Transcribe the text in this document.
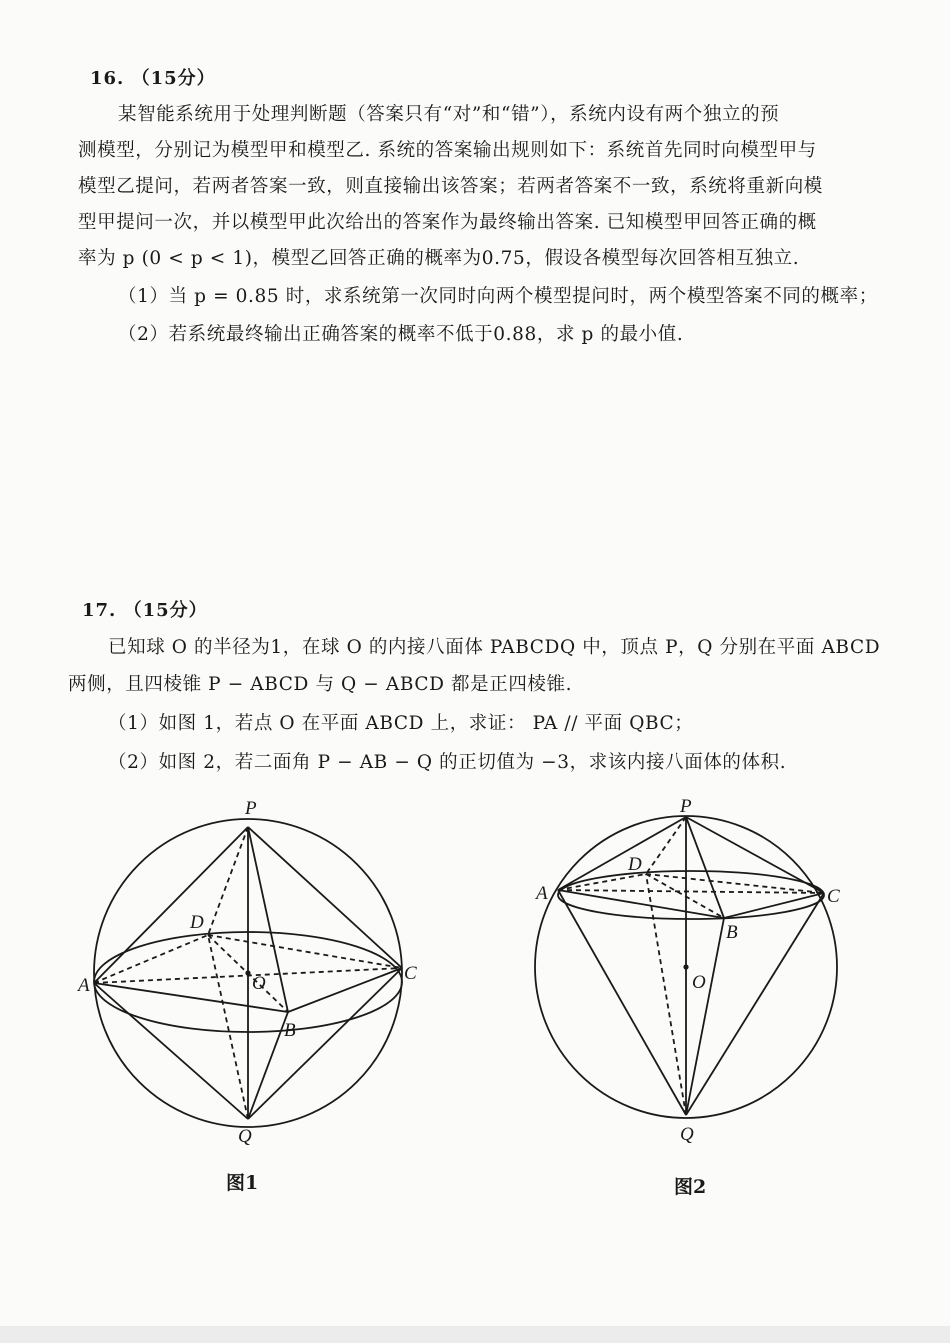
16. （15分）
某智能系统用于处理判断题（答案只有“对”和“错”），系统内设有两个独立的预
测模型，分别记为模型甲和模型乙. 系统的答案输出规则如下：系统首先同时向模型甲与
模型乙提问，若两者答案一致，则直接输出该答案；若两者答案不一致，系统将重新向模
型甲提问一次，并以模型甲此次给出的答案作为最终输出答案. 已知模型甲回答正确的概
率为 p (0 < p < 1)，模型乙回答正确的概率为0.75，假设各模型每次回答相互独立.
（1）当 p = 0.85 时，求系统第一次同时向两个模型提问时，两个模型答案不同的概率；
（2）若系统最终输出正确答案的概率不低于0.88，求 p 的最小值.
17. （15分）
已知球 O 的半径为1，在球 O 的内接八面体 PABCDQ 中，顶点 P，Q 分别在平面 ABCD
两侧，且四棱锥 P − ABCD 与 Q − ABCD 都是正四棱锥.
（1）如图 1，若点 O 在平面 ABCD 上，求证： PA // 平面 QBC；
（2）如图 2，若二面角 P − AB − Q 的正切值为 −3，求该内接八面体的体积.
P
D
A	O	C
B
Q
图1
P
D
A	C
B
O
Q
图2
